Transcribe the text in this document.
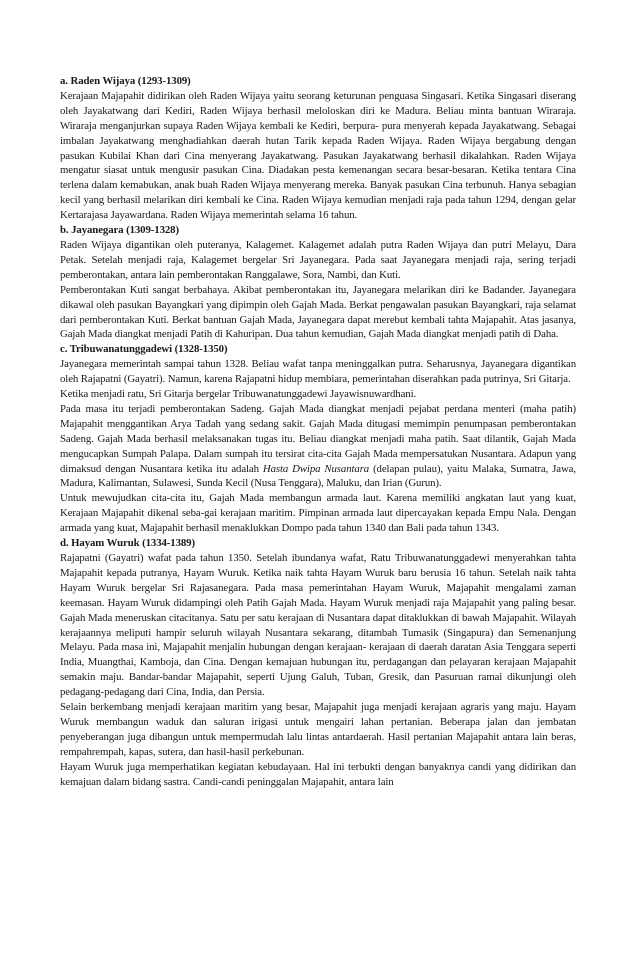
a. Raden Wijaya (1293-1309)

Kerajaan Majapahit didirikan oleh Raden Wijaya yaitu seorang keturunan penguasa Singasari. Ketika Singasari diserang oleh Jayakatwang dari Kediri, Raden Wijaya berhasil meloloskan diri ke Madura. Beliau minta bantuan Wiraraja. Wiraraja menganjurkan supaya Raden Wijaya kembali ke Kediri, berpura- pura menyerah kepada Jayakatwang. Sebagai imbalan Jayakatwang menghadiahkan daerah hutan Tarik kepada Raden Wijaya. Raden Wijaya bergabung dengan pasukan Kubilai Khan dari Cina menyerang Jayakatwang. Pasukan Jayakatwang berhasil dikalahkan. Raden Wijaya mengatur siasat untuk mengusir pasukan Cina. Diadakan pesta kemenangan secara besar-besaran. Ketika tentara Cina terlena dalam kemabukan, anak buah Raden Wijaya menyerang mereka. Banyak pasukan Cina terbunuh. Hanya sebagian kecil yang berhasil melarikan diri kembali ke Cina. Raden Wijaya kemudian menjadi raja pada tahun 1294, dengan gelar Kertarajasa Jayawardana. Raden Wijaya memerintah selama 16 tahun.

b. Jayanegara (1309-1328)

Raden Wijaya digantikan oleh puteranya, Kalagemet. Kalagemet adalah putra Raden Wijaya dan putri Melayu, Dara Petak. Setelah menjadi raja, Kalagemet bergelar Sri Jayanegara. Pada saat Jayanegara menjadi raja, sering terjadi pemberontakan, antara lain pemberontakan Ranggalawe, Sora, Nambi, dan Kuti.

Pemberontakan Kuti sangat berbahaya. Akibat pemberontakan itu, Jayanegara melarikan diri ke Badander. Jayanegara dikawal oleh pasukan Bayangkari yang dipimpin oleh Gajah Mada. Berkat pengawalan pasukan Bayangkari, raja selamat dari pemberontakan Kuti. Berkat bantuan Gajah Mada, Jayanegara dapat merebut kembali tahta Majapahit. Atas jasanya, Gajah Mada diangkat menjadi Patih di Kahuripan. Dua tahun kemudian, Gajah Mada diangkat menjadi patih di Daha.

c. Tribuwanatunggadewi (1328-1350)

Jayanegara memerintah sampai tahun 1328. Beliau wafat tanpa meninggalkan putra. Seharusnya, Jayanegara digantikan oleh Rajapatni (Gayatri). Namun, karena Rajapatni hidup membiara, pemerintahan diserahkan pada putrinya, Sri Gitarja.

Ketika menjadi ratu, Sri Gitarja bergelar Tribuwanatunggadewi Jayawisnuwardhani.

Pada masa itu terjadi pemberontakan Sadeng. Gajah Mada diangkat menjadi pejabat perdana menteri (maha patih) Majapahit menggantikan Arya Tadah yang sedang sakit. Gajah Mada ditugasi memimpin penumpasan pemberontakan Sadeng. Gajah Mada berhasil melaksanakan tugas itu. Beliau diangkat menjadi maha patih. Saat dilantik, Gajah Mada mengucapkan Sumpah Palapa. Dalam sumpah itu tersirat cita-cita Gajah Mada mempersatukan Nusantara. Adapun yang dimaksud dengan Nusantara ketika itu adalah Hasta Dwipa Nusantara (delapan pulau), yaitu Malaka, Sumatra, Jawa, Madura, Kalimantan, Sulawesi, Sunda Kecil (Nusa Tenggara), Maluku, dan Irian (Gurun).

Untuk mewujudkan cita-cita itu, Gajah Mada membangun armada laut. Karena memiliki angkatan laut yang kuat, Kerajaan Majapahit dikenal seba-gai kerajaan maritim. Pimpinan armada laut dipercayakan kepada Empu Nala. Dengan armada yang kuat, Majapahit berhasil menaklukkan Dompo pada tahun 1340 dan Bali pada tahun 1343.

d. Hayam Wuruk (1334-1389)

Rajapatni (Gayatri) wafat pada tahun 1350. Setelah ibundanya wafat, Ratu Tribuwanatunggadewi menyerahkan tahta Majapahit kepada putranya, Hayam Wuruk. Ketika naik tahta Hayam Wuruk baru berusia 16 tahun. Setelah naik tahta Hayam Wuruk bergelar Sri Rajasanegara. Pada masa pemerintahan Hayam Wuruk, Majapahit mengalami zaman keemasan. Hayam Wuruk didampingi oleh Patih Gajah Mada. Hayam Wuruk menjadi raja Majapahit yang paling besar. Gajah Mada meneruskan citacitanya. Satu per satu kerajaan di Nusantara dapat ditaklukkan di bawah Majapahit. Wilayah kerajaannya meliputi hampir seluruh wilayah Nusantara sekarang, ditambah Tumasik (Singapura) dan Semenanjung Melayu. Pada masa ini, Majapahit menjalin hubungan dengan kerajaan- kerajaan di daerah daratan Asia Tenggara seperti India, Muangthai, Kamboja, dan Cina. Dengan kemajuan hubungan itu, perdagangan dan pelayaran kerajaan Majapahit semakin maju. Bandar-bandar Majapahit, seperti Ujung Galuh, Tuban, Gresik, dan Pasuruan ramai dikunjungi oleh pedagang-pedagang dari Cina, India, dan Persia.

Selain berkembang menjadi kerajaan maritim yang besar, Majapahit juga menjadi kerajaan agraris yang maju. Hayam Wuruk membangun waduk dan saluran irigasi untuk mengairi lahan pertanian. Beberapa jalan dan jembatan penyeberangan juga dibangun untuk mempermudah lalu lintas antardaerah. Hasil pertanian Majapahit antara lain beras, rempahrempah, kapas, sutera, dan hasil-hasil perkebunan.

Hayam Wuruk juga memperhatikan kegiatan kebudayaan. Hal ini terbukti dengan banyaknya candi yang didirikan dan kemajuan dalam bidang sastra. Candi-candi peninggalan Majapahit, antara lain
